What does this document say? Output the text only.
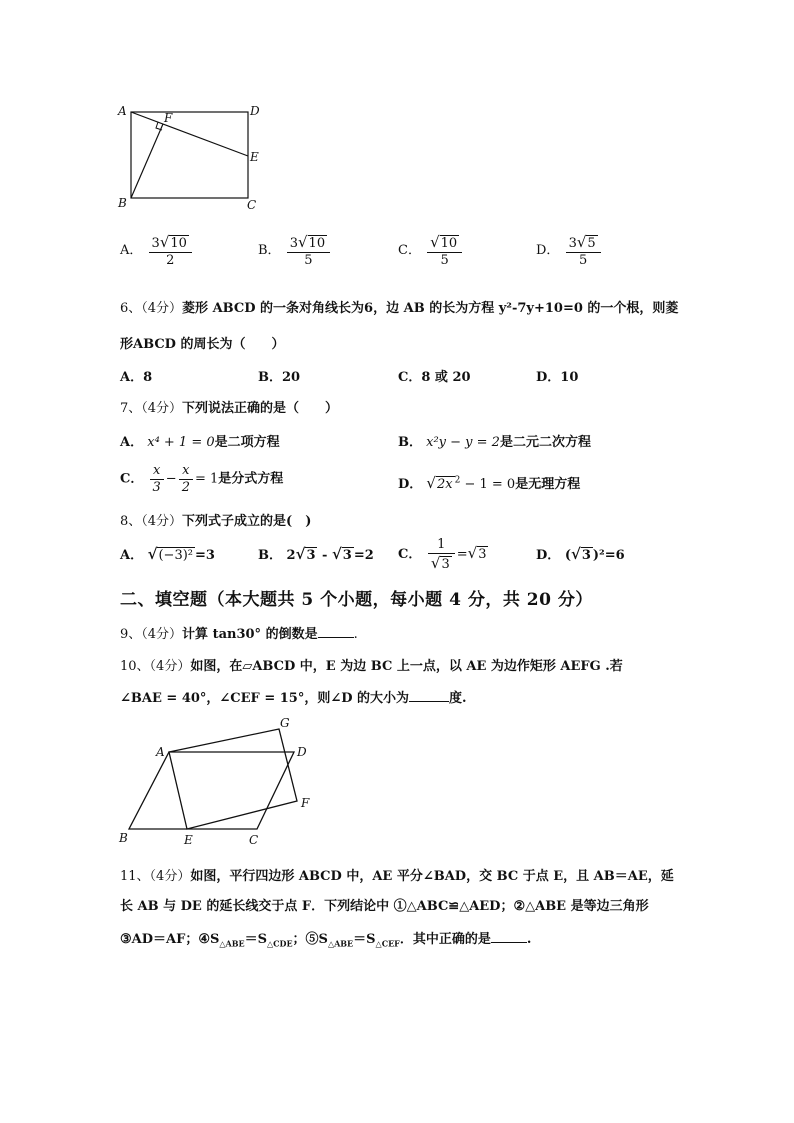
A	D
F
E
B	C
A． $\frac{3√10}{2}$	B． $\frac{3√10}{5}$	C． $\frac{√10}{5}$	D． $\frac{3√5}{5}$
6、（4分）菱形 ABCD 的一条对角线长为6，边 AB 的长为方程 y²-7y+10=0 的一个根，则菱
形ABCD 的周长为（　　）
A．8	B．20	C．8 或 20	D．10
7、（4分）下列说法正确的是（　　）
A． x⁴ + 1 = 0是二项方程	B． x²y − y = 2是二元二次方程
C． $\frac{x}{3} - \frac{x}{2} = 1$是分式方程	D． √2x $^2$ − 1 = 0是无理方程
8、（4分）下列式子成立的是(　)
A． √(−3)² =3	B． 2√3 - √3 =2 C． $\frac{1}{√3} =√3$	D． (√3 )²=6
二、填空题（本大题共 5 个小题，每小题 4 分，共 20 分）
9、（4分）计算 tan30° 的倒数是	.
10、（4分）如图，在▱ABCD 中，E 为边 BC 上一点，以 AE 为边作矩形 AEFG .若
∠BAE = 40°，∠CEF = 15°，则∠D 的大小为	度.
A
G
D
F
B	E	C
11、（4分）如图，平行四边形 ABCD 中，AE 平分∠BAD，交 BC 于点 E，且 AB＝AE，延
长 AB 与 DE 的延长线交于点 F．下列结论中 ①△ABC≌△AED；②△ABE 是等边三角形
③AD＝AF；$④S_{\triangle ABE}=S_{\triangle CDE}$；$⑤S_{\triangle ABE}=S_{\triangle CEF}$．其中正确的是	.
